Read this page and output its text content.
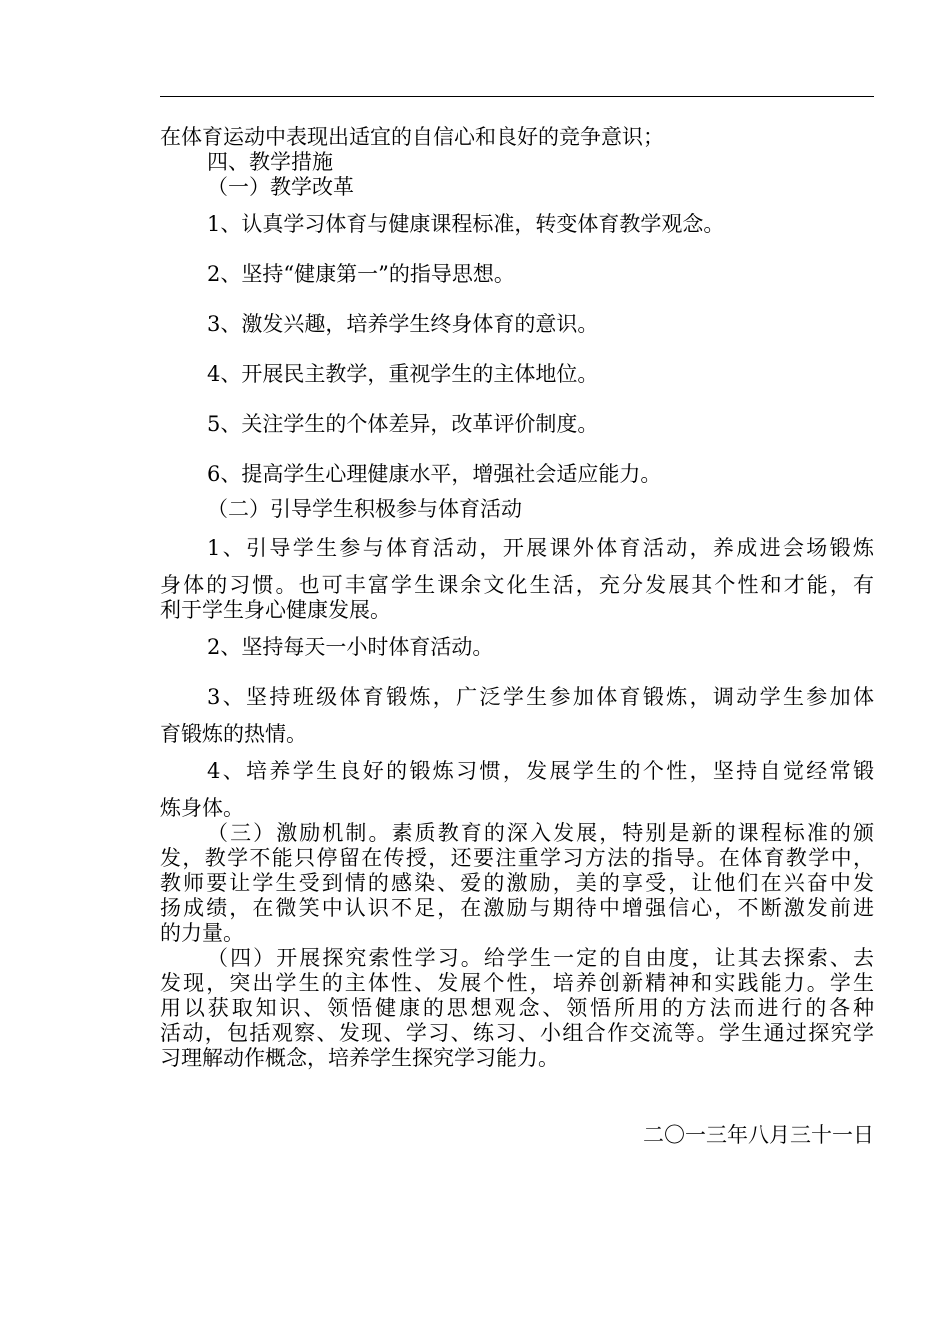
在体育运动中表现出适宜的自信心和良好的竞争意识；
四、教学措施
（一）教学改革
1、认真学习体育与健康课程标准，转变体育教学观念。
2、坚持“健康第一”的指导思想。
3、激发兴趣，培养学生终身体育的意识。
4、开展民主教学，重视学生的主体地位。
5、关注学生的个体差异，改革评价制度。
6、提高学生心理健康水平，增强社会适应能力。
（二）引导学生积极参与体育活动
1、引导学生参与体育活动，开展课外体育活动，养成进会场锻炼
身体的习惯。也可丰富学生课余文化生活，充分发展其个性和才能，有
利于学生身心健康发展。
2、坚持每天一小时体育活动。
3、坚持班级体育锻炼，广泛学生参加体育锻炼，调动学生参加体
育锻炼的热情。
4、培养学生良好的锻炼习惯，发展学生的个性，坚持自觉经常锻
炼身体。
（三）激励机制。素质教育的深入发展，特别是新的课程标准的颁
发，教学不能只停留在传授，还要注重学习方法的指导。在体育教学中，
教师要让学生受到情的感染、爱的激励，美的享受，让他们在兴奋中发
扬成绩，在微笑中认识不足，在激励与期待中增强信心，不断激发前进
的力量。
（四）开展探究索性学习。给学生一定的自由度，让其去探索、去
发现，突出学生的主体性、发展个性，培养创新精神和实践能力。学生
用以获取知识、领悟健康的思想观念、领悟所用的方法而进行的各种
活动，包括观察、发现、学习、练习、小组合作交流等。学生通过探究学
习理解动作概念，培养学生探究学习能力。
二〇一三年八月三十一日
